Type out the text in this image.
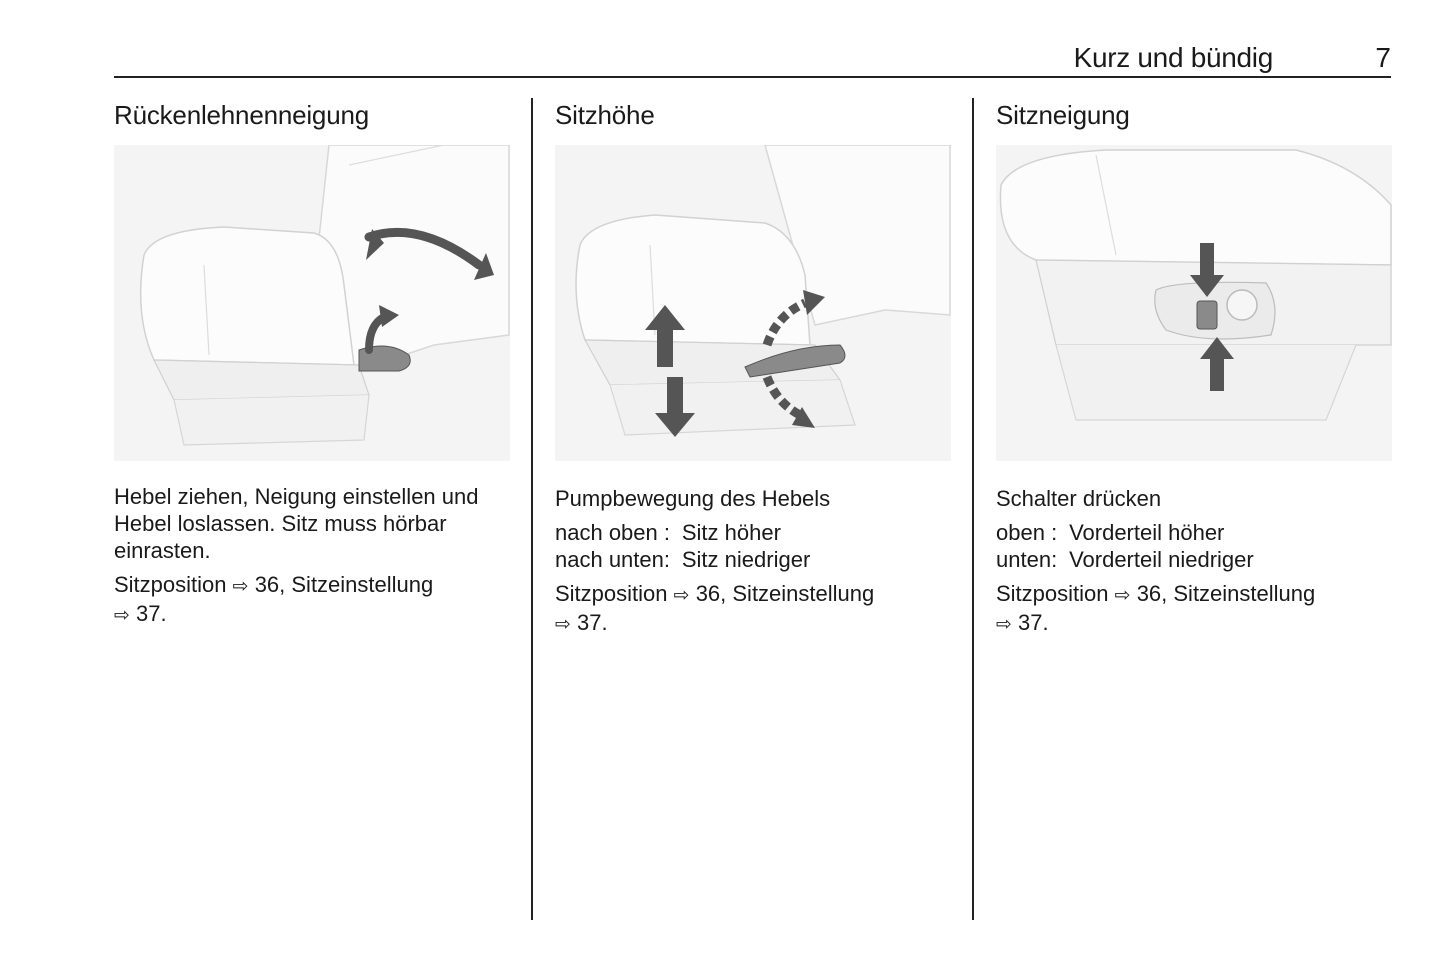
Kurz und bündig	7
Rückenlehnenneigung

Hebel ziehen, Neigung einstellen und Hebel loslassen. Sitz muss hörbar einrasten.

Sitzposition ⇨ 36, Sitzeinstellung
⇨ 37.

Sitzhöhe

Pumpbewegung des Hebels

nach oben : Sitz höher
nach unten : Sitz niedriger

Sitzposition ⇨ 36, Sitzeinstellung
⇨ 37.

Sitzneigung

Schalter drücken

oben : Vorderteil höher
unten : Vorderteil niedriger

Sitzposition ⇨ 36, Sitzeinstellung
⇨ 37.
